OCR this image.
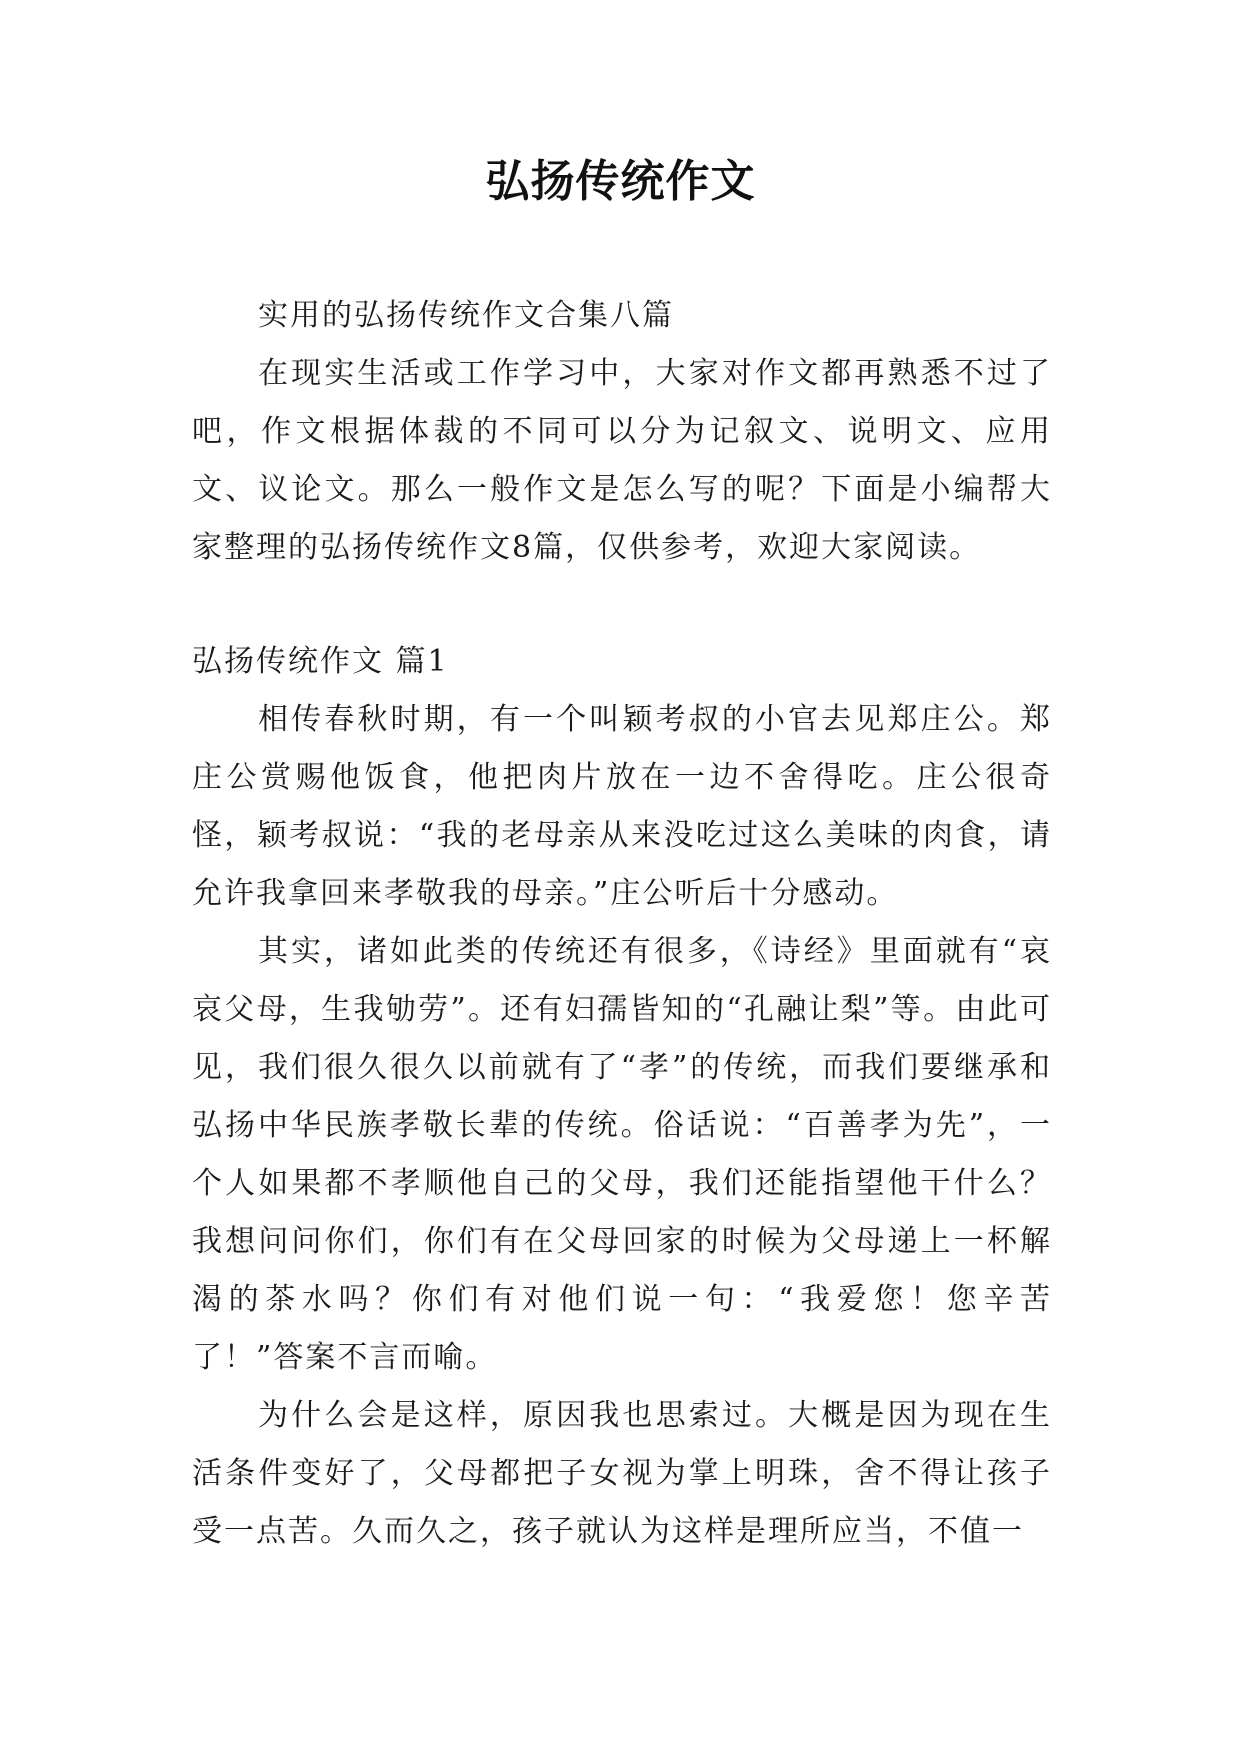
弘扬传统作文

实用的弘扬传统作文合集八篇

在现实生活或工作学习中，大家对作文都再熟悉不过了吧，作文根据体裁的不同可以分为记叙文、说明文、应用文、议论文。那么一般作文是怎么写的呢？下面是小编帮大家整理的弘扬传统作文8篇，仅供参考，欢迎大家阅读。

弘扬传统作文 篇1

相传春秋时期，有一个叫颖考叔的小官去见郑庄公。郑庄公赏赐他饭食，他把肉片放在一边不舍得吃。庄公很奇怪，颖考叔说：“我的老母亲从来没吃过这么美味的肉食，请允许我拿回来孝敬我的母亲。”庄公听后十分感动。

其实，诸如此类的传统还有很多，《诗经》里面就有“哀哀父母，生我劬劳”。还有妇孺皆知的“孔融让梨”等。由此可见，我们很久很久以前就有了“孝”的传统，而我们要继承和弘扬中华民族孝敬长辈的传统。俗话说：“百善孝为先”，一个人如果都不孝顺他自己的父母，我们还能指望他干什么？我想问问你们，你们有在父母回家的时候为父母递上一杯解渴的茶水吗？你们有对他们说一句：“我爱您！您辛苦了！”答案不言而喻。

为什么会是这样，原因我也思索过。大概是因为现在生活条件变好了，父母都把子女视为掌上明珠，舍不得让孩子受一点苦。久而久之，孩子就认为这样是理所应当，不值一
